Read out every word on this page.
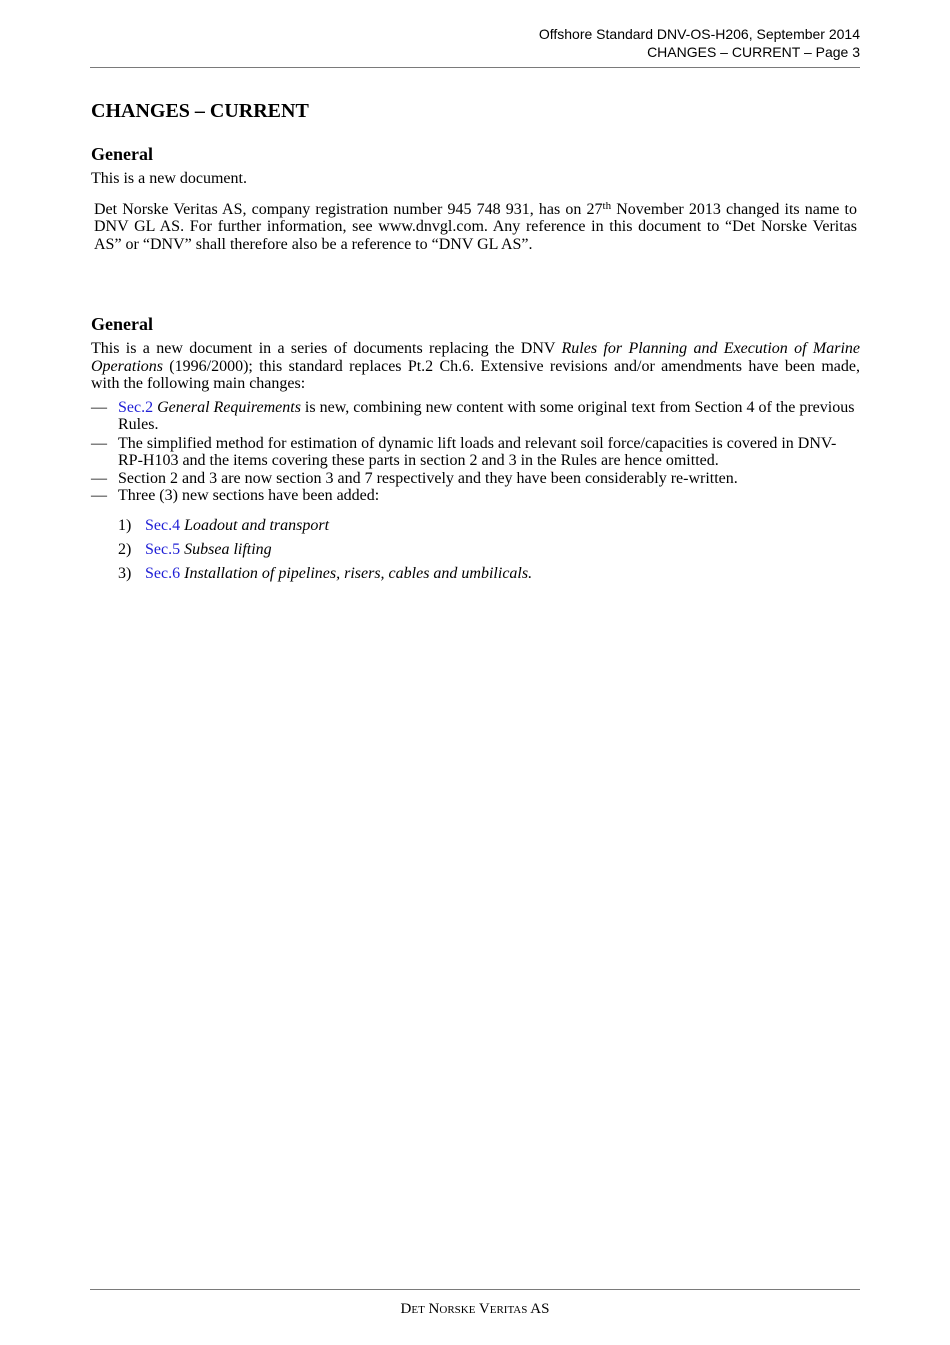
Offshore Standard DNV-OS-H206, September 2014
CHANGES – CURRENT – Page 3
CHANGES – CURRENT
General

This is a new document.

Det Norske Veritas AS, company registration number 945 748 931, has on 27th November 2013 changed its name to DNV GL AS. For further information, see www.dnvgl.com. Any reference in this document to “Det Norske Veritas AS” or “DNV” shall therefore also be a reference to “DNV GL AS”.

General

This is a new document in a series of documents replacing the DNV Rules for Planning and Execution of Marine Operations (1996/2000); this standard replaces Pt.2 Ch.6. Extensive revisions and/or amendments have been made, with the following main changes:

— Sec.2 General Requirements is new, combining new content with some original text from Section 4 of the previous Rules.
— The simplified method for estimation of dynamic lift loads and relevant soil force/capacities is covered in DNV-RP-H103 and the items covering these parts in section 2 and 3 in the Rules are hence omitted.
— Section 2 and 3 are now section 3 and 7 respectively and they have been considerably re-written.
— Three (3) new sections have been added:
1) Sec.4 Loadout and transport
2) Sec.5 Subsea lifting
3) Sec.6 Installation of pipelines, risers, cables and umbilicals.
Det Norske Veritas AS
